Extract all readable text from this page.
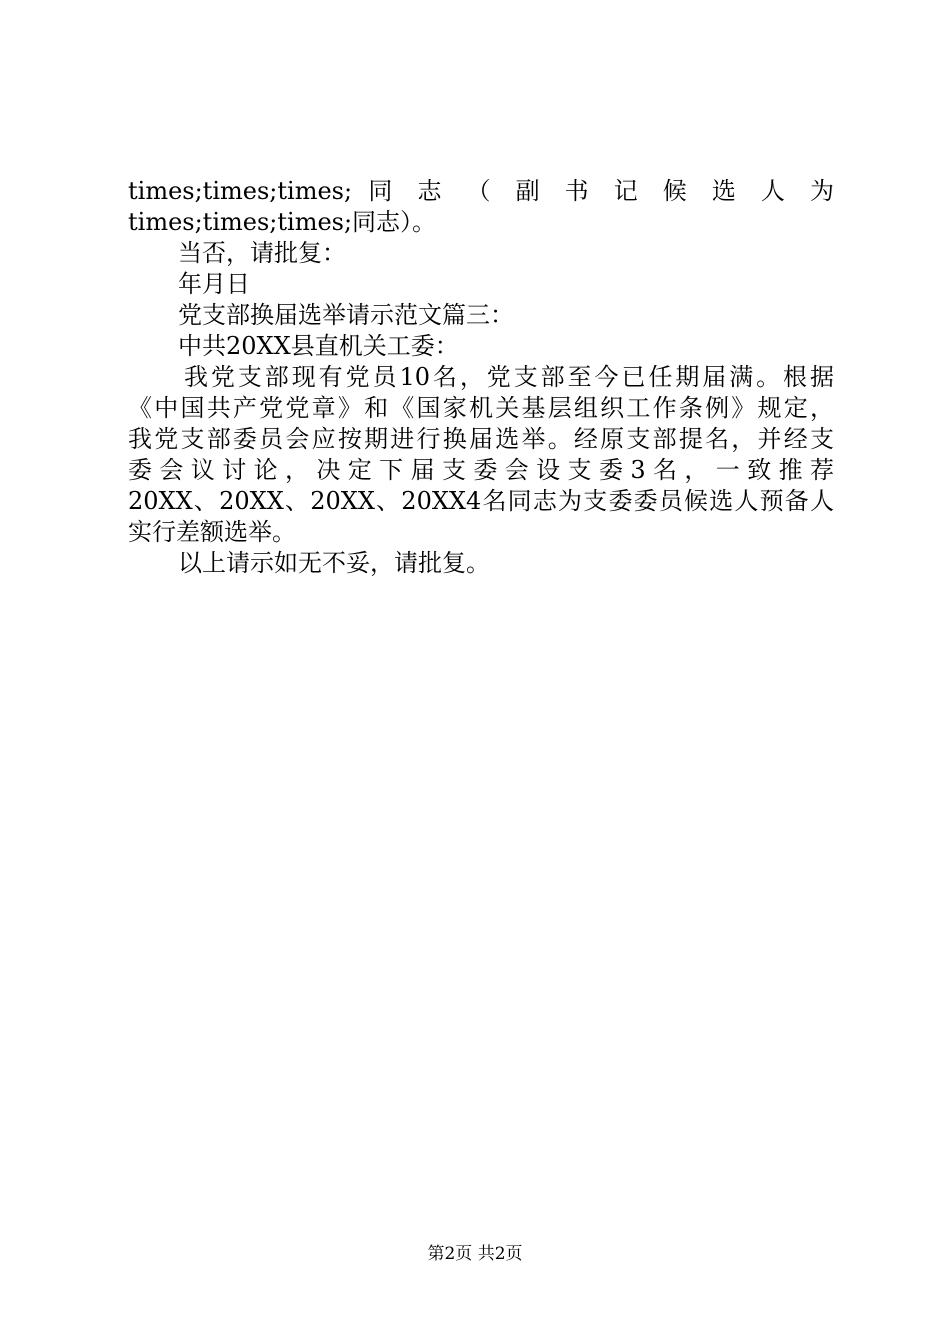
times;times;times; 同 志 （ 副 书 记 候 选 人 为
times;times;times;同志）。
当否，请批复：
年月日
党支部换届选举请示范文篇三：
中共20XX县直机关工委：
我党支部现有党员10名，党支部至今已任期届满。根据
《中国共产党党章》和《国家机关基层组织工作条例》规定，
我党支部委员会应按期进行换届选举。经原支部提名，并经支
委会议讨论，决定下届支委会设支委3名，一致推荐
20XX、20XX、20XX、20XX4名同志为支委委员候选人预备人
实行差额选举。
以上请示如无不妥，请批复。
第2页 共2页
